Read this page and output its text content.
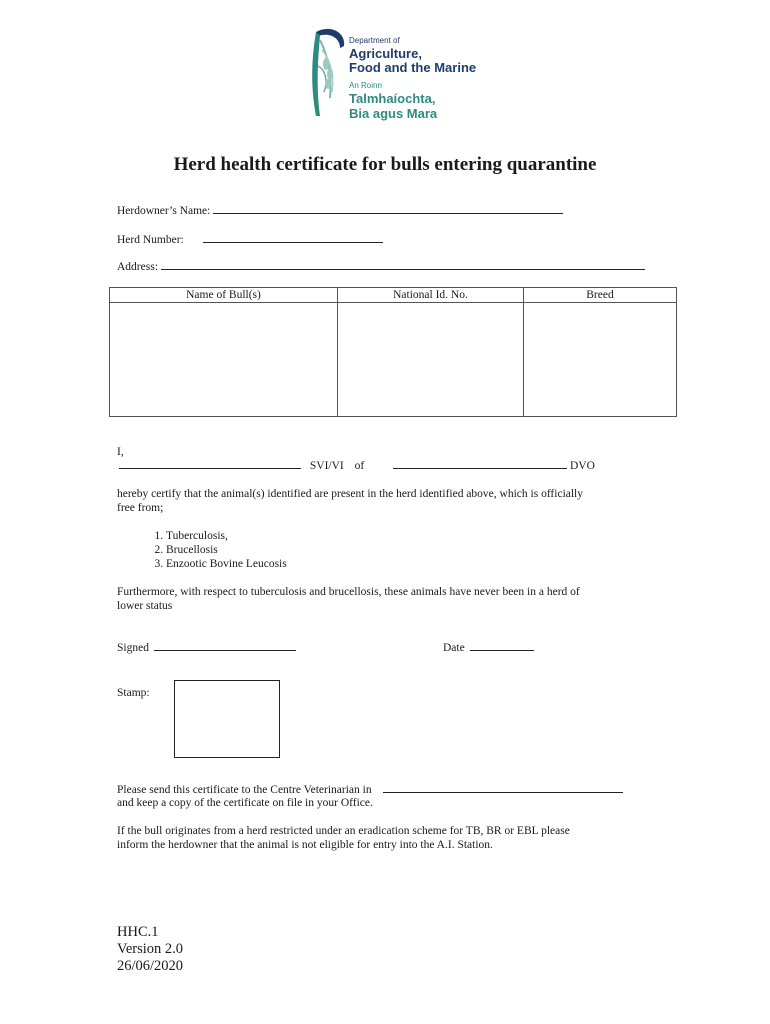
Department of
Agriculture,
Food and the Marine
An Roinn
Talmhaíochta,
Bia agus Mara
Herd health certificate for bulls entering quarantine
Herdowner’s Name:
Herd Number:
Address:
Name of Bull(s)	National Id. No.	Breed

I,
SVI/VI of	DVO
hereby certify that the animal(s) identified are present in the herd identified above, which is officially
free from;
1. Tuberculosis,
2. Brucellosis
3. Enzootic Bovine Leucosis
Furthermore, with respect to tuberculosis and brucellosis, these animals have never been in a herd of
lower status
Signed	Date
Stamp:
Please send this certificate to the Centre Veterinarian in
and keep a copy of the certificate on file in your Office.
If the bull originates from a herd restricted under an eradication scheme for TB, BR or EBL please
inform the herdowner that the animal is not eligible for entry into the A.I. Station.
HHC.1
Version 2.0
26/06/2020
